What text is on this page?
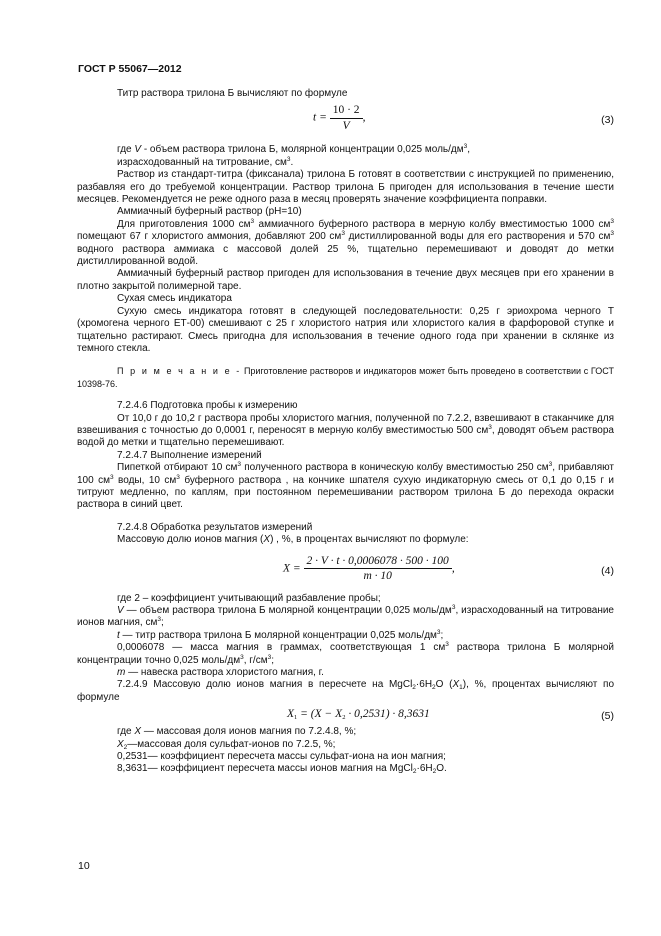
ГОСТ Р 55067—2012
Титр раствора трилона Б вычисляют по формуле
$t = \frac{10 \cdot 2}{V}$ ,	(3)
где V - объем раствора трилона Б, молярной концентрации 0,025 моль/$дм^3$,
израсходованный на титрование, $см^3$.
Раствор из стандарт-титра (фиксанала) трилона Б готовят в соответствии с инструкцией по применению, разбавляя его до требуемой концентрации. Раствор трилона Б пригоден для использования в течение шести месяцев. Рекомендуется не реже одного раза в месяц проверять значение коэффициента поправки.
Аммиачный буферный раствор (pH=10)
Для приготовления 1000 $см^3$ аммиачного буферного раствора в мерную колбу вместимостью 1000 $см^3$ помещают 67 г хлористого аммония, добавляют 200 $см^3$ дистиллированной воды для его растворения и 570 $см^3$ водного раствора аммиака с массовой долей 25 %, тщательно перемешивают и доводят до метки дистиллированной водой.
Аммиачный буферный раствор пригоден для использования в течение двух месяцев при его хранении в плотно закрытой полимерной таре.
Сухая смесь индикатора
Сухую смесь индикатора готовят в следующей последовательности: 0,25 г эриохрома черного Т (хромогена черного ЕТ-00) смешивают с 25 г хлористого натрия или хлористого калия в фарфоровой ступке и тщательно растирают. Смесь пригодна для использования в течение одного года при хранении в склянке из темного стекла.
П р и м е ч а н и е - Приготовление растворов и индикаторов может быть проведено в соответствии с ГОСТ 10398-76.
7.2.4.6 Подготовка пробы к измерению
От 10,0 г до 10,2 г раствора пробы хлористого магния, полученной по 7.2.2, взвешивают в стаканчике для взвешивания с точностью до 0,0001 г, переносят в мерную колбу вместимостью 500 $см^3$, доводят объем раствора водой до метки и тщательно перемешивают.
7.2.4.7 Выполнение измерений
Пипеткой отбирают 10 $см^3$ полученного раствора в коническую колбу вместимостью 250 $см^3$, прибавляют 100 $см^3$ воды, 10 $см^3$ буферного раствора , на кончике шпателя сухую индикаторную смесь от 0,1 до 0,15 г и титруют медленно, по каплям, при постоянном перемешивании раствором трилона Б до перехода окраски раствора в синий цвет.
7.2.4.8 Обработка результатов измерений
Массовую долю ионов магния (X) , %, в процентах вычисляют по формуле:
$X = \frac{2 \cdot V \cdot t \cdot 0,0006078 \cdot 500 \cdot 100}{m \cdot 10}$ ,	(4)
где 2 – коэффициент учитывающий разбавление пробы;
V — объем раствора трилона Б молярной концентрации 0,025 моль/$дм^3$, израсходованный на титрование ионов магния, $см^3$;
t — титр раствора трилона Б молярной концентрации 0,025 моль/$дм^3$;
0,0006078 — масса магния в граммах, соответствующая 1 $см^3$ раствора трилона Б молярной концентрации точно 0,025 моль/$дм^3$, $г/см^3$;
m — навеска раствора хлористого магния, г.
7.2.4.9 Массовую долю ионов магния в пересчете на $MgCl_2\cdot 6H_2O$ $(X_1)$, %, процентах вычисляют по формуле
$X_1 = (X - X_2 \cdot 0,2531) \cdot 8,3631$	(5)
где X — массовая доля ионов магния по 7.2.4.8, %;
$X_2—массовая$ доля сульфат-ионов по 7.2.5, %;
0,2531— коэффициент пересчета массы сульфат-иона на ион магния;
8,3631— коэффициент пересчета массы ионов магния на $MgCl_2\cdot 6H_2O$.
10
